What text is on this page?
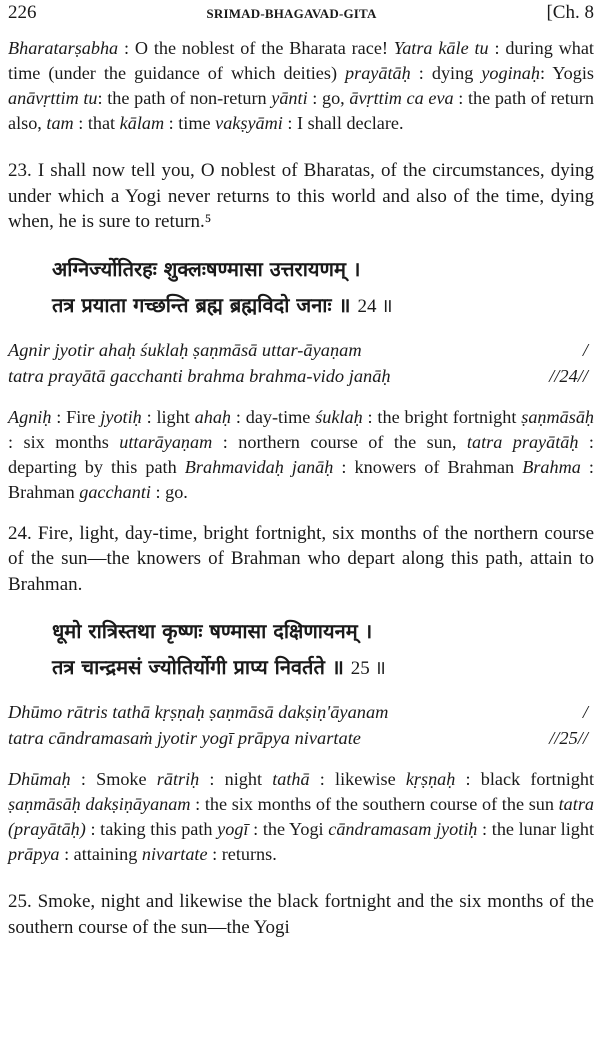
226	SRIMAD-BHAGAVAD-GITA	[Ch. 8

Bharatarṣabha : O the noblest of the Bharata race! Yatra kāle tu : during what time (under the guidance of which deities) prayātāḥ : dying yoginaḥ: Yogis anāvṛttim tu: the path of non-return yānti : go, āvṛttim ca eva : the path of return also, tam : that kālam : time vakṣyāmi : I shall declare.

23. I shall now tell you, O noblest of Bharatas, of the circumstances, dying under which a Yogi never returns to this world and also of the time, dying when, he is sure to return.⁵

अग्निर्ज्योतिरहः शुक्लःषण्मासा उत्तरायणम् ।
तत्र प्रयाता गच्छन्ति ब्रह्म ब्रह्मविदो जनाः ॥ 24 ॥
Agnir jyotir ahaḥ śuklaḥ ṣaṇmāsā uttar-āyaṇam	/
tatra prayātā gacchanti brahma brahma-vido janāḥ	//24//

Agniḥ : Fire jyotiḥ : light ahaḥ : day-time śuklaḥ : the bright fortnight ṣaṇmāsāḥ : six months uttarāyaṇam : northern course of the sun, tatra prayātāḥ : departing by this path Brahmavidaḥ janāḥ : knowers of Brahman Brahma : Brahman gacchanti : go.

24. Fire, light, day-time, bright fortnight, six months of the northern course of the sun—the knowers of Brahman who depart along this path, attain to Brahman.

धूमो रात्रिस्तथा कृष्णः षण्मासा दक्षिणायनम् ।
तत्र चान्द्रमसं ज्योतिर्योगी प्राप्य निवर्तते ॥ 25 ॥
Dhūmo rātris tathā kṛṣṇaḥ ṣaṇmāsā dakṣiṇ'āyanam	/
tatra cāndramasaṁ jyotir yogī prāpya nivartate	//25//

Dhūmaḥ : Smoke rātriḥ : night tathā : likewise kṛṣṇaḥ : black fortnight ṣaṇmāsāḥ dakṣiṇāyanam : the six months of the southern course of the sun tatra (prayātāḥ) : taking this path yogī : the Yogi cāndramasam jyotiḥ : the lunar light prāpya : attaining nivartate : returns.

25. Smoke, night and likewise the black fortnight and the six months of the southern course of the sun—the Yogi
